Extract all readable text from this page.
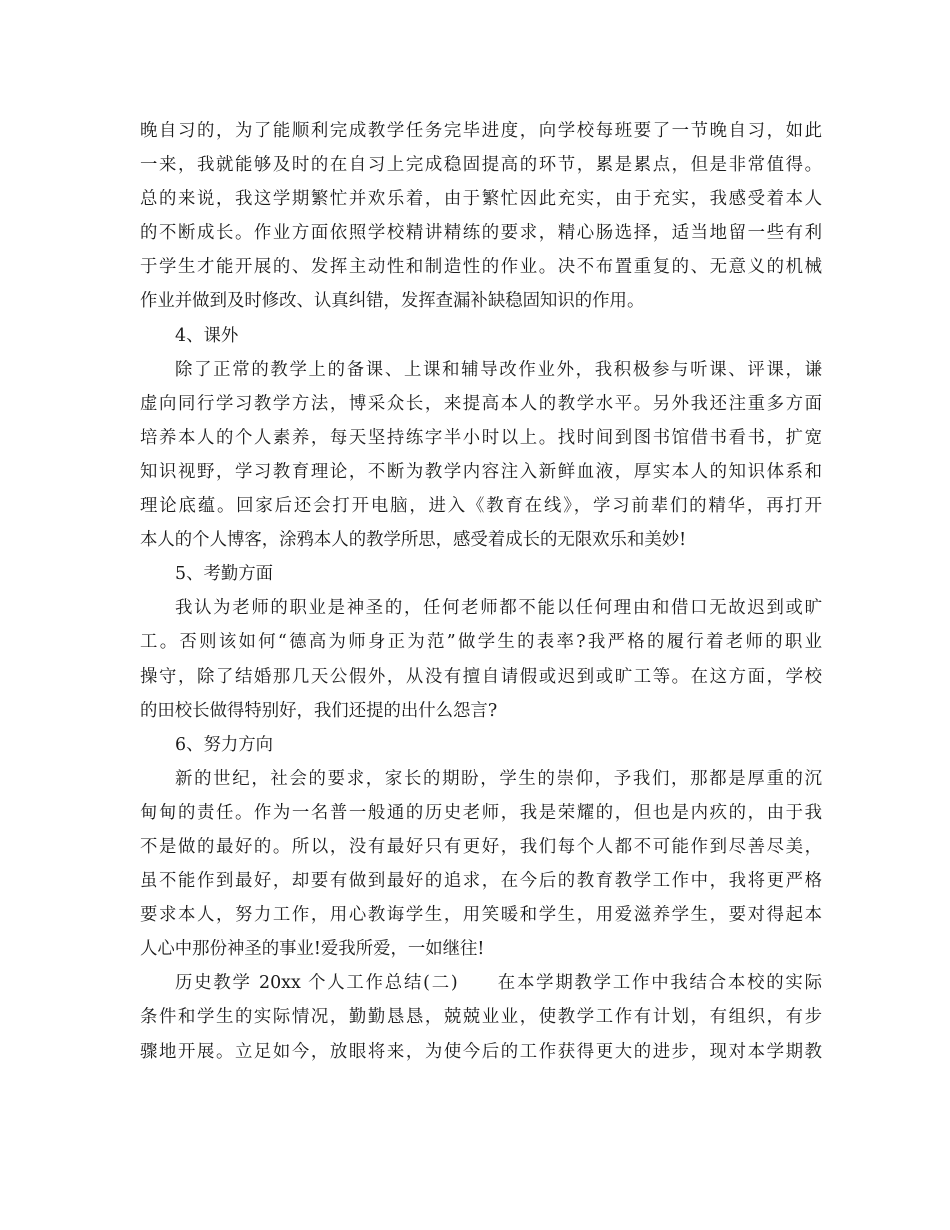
晚自习的，为了能顺利完成教学任务完毕进度，向学校每班要了一节晚自习，如此
一来，我就能够及时的在自习上完成稳固提高的环节，累是累点，但是非常值得。
总的来说，我这学期繁忙并欢乐着，由于繁忙因此充实，由于充实，我感受着本人
的不断成长。作业方面依照学校精讲精练的要求，精心肠选择，适当地留一些有利
于学生才能开展的、发挥主动性和制造性的作业。决不布置重复的、无意义的机械
作业并做到及时修改、认真纠错，发挥查漏补缺稳固知识的作用。
4、课外
除了正常的教学上的备课、上课和辅导改作业外，我积极参与听课、评课，谦
虚向同行学习教学方法，博采众长，来提高本人的教学水平。另外我还注重多方面
培养本人的个人素养，每天坚持练字半小时以上。找时间到图书馆借书看书，扩宽
知识视野，学习教育理论，不断为教学内容注入新鲜血液，厚实本人的知识体系和
理论底蕴。回家后还会打开电脑，进入《教育在线》，学习前辈们的精华，再打开
本人的个人博客，涂鸦本人的教学所思，感受着成长的无限欢乐和美妙!
5、考勤方面
我认为老师的职业是神圣的，任何老师都不能以任何理由和借口无故迟到或旷
工。否则该如何“德高为师身正为范”做学生的表率?我严格的履行着老师的职业
操守，除了结婚那几天公假外，从没有擅自请假或迟到或旷工等。在这方面，学校
的田校长做得特别好，我们还提的出什么怨言?
6、努力方向
新的世纪，社会的要求，家长的期盼，学生的崇仰，予我们，那都是厚重的沉
甸甸的责任。作为一名普一般通的历史老师，我是荣耀的，但也是内疚的，由于我
不是做的最好的。所以，没有最好只有更好，我们每个人都不可能作到尽善尽美，
虽不能作到最好，却要有做到最好的追求，在今后的教育教学工作中，我将更严格
要求本人，努力工作，用心教诲学生，用笑暖和学生，用爱滋养学生，要对得起本
人心中那份神圣的事业!爱我所爱，一如继往!
历史教学 20xx 个人工作总结(二)　　在本学期教学工作中我结合本校的实际
条件和学生的实际情况，勤勤恳恳，兢兢业业，使教学工作有计划，有组织，有步
骤地开展。立足如今，放眼将来，为使今后的工作获得更大的进步，现对本学期教
